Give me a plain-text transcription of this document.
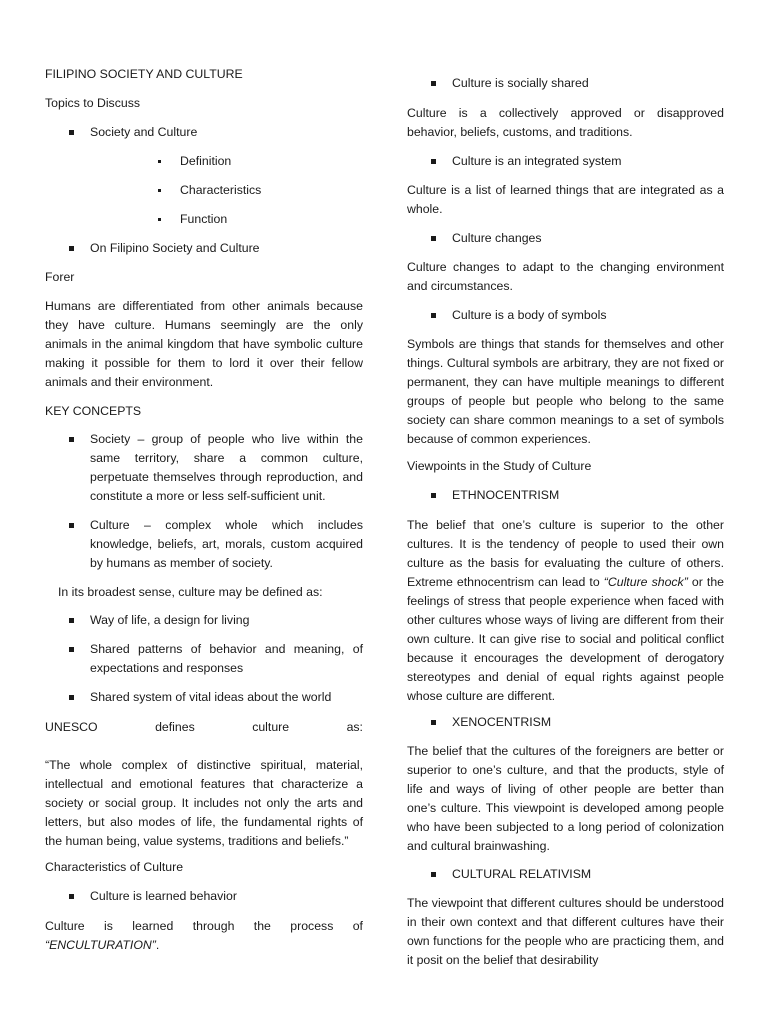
FILIPINO SOCIETY AND CULTURE

Topics to Discuss

Society and Culture

Definition

Characteristics

Function

On Filipino Society and Culture

Forer

Humans are differentiated from other animals because they have culture. Humans seemingly are the only animals in the animal kingdom that have symbolic culture making it possible for them to lord it over their fellow animals and their environment.

KEY CONCEPTS

Society – group of people who live within the same territory, share a common culture, perpetuate themselves through reproduction, and constitute a more or less self-sufficient unit.

Culture – complex whole which includes knowledge, beliefs, art, morals, custom acquired by humans as member of society.

In its broadest sense, culture may be defined as:

Way of life, a design for living

Shared patterns of behavior and meaning, of expectations and responses

Shared system of vital ideas about the world

UNESCO	defines	culture	as:

“The whole complex of distinctive spiritual, material, intellectual and emotional features that characterize a society or social group. It includes not only the arts and letters, but also modes of life, the fundamental rights of the human being, value systems, traditions and beliefs.”

Characteristics of Culture

Culture is learned behavior

Culture is learned through the process of

“ENCULTURATION”.

Culture is socially shared

Culture is a collectively approved or disapproved behavior, beliefs, customs, and traditions.

Culture is an integrated system

Culture is a list of learned things that are integrated as a whole.

Culture changes

Culture changes to adapt to the changing environment and circumstances.

Culture is a body of symbols

Symbols are things that stands for themselves and other things. Cultural symbols are arbitrary, they are not fixed or permanent, they can have multiple meanings to different groups of people but people who belong to the same society can share common meanings to a set of symbols because of common experiences.

Viewpoints in the Study of Culture

ETHNOCENTRISM

The belief that one’s culture is superior to the other cultures. It is the tendency of people to used their own culture as the basis for evaluating the culture of others. Extreme ethnocentrism can lead to “Culture shock” or the feelings of stress that people experience when faced with other cultures whose ways of living are different from their own culture. It can give rise to social and political conflict because it encourages the development of derogatory stereotypes and denial of equal rights against people whose culture are different.

XENOCENTRISM

The belief that the cultures of the foreigners are better or superior to one’s culture, and that the products, style of life and ways of living of other people are better than one’s culture. This viewpoint is developed among people who have been subjected to a long period of colonization and cultural brainwashing.

CULTURAL RELATIVISM

The viewpoint that different cultures should be understood in their own context and that different cultures have their own functions for the people who are practicing them, and it posit on the belief that desirability
